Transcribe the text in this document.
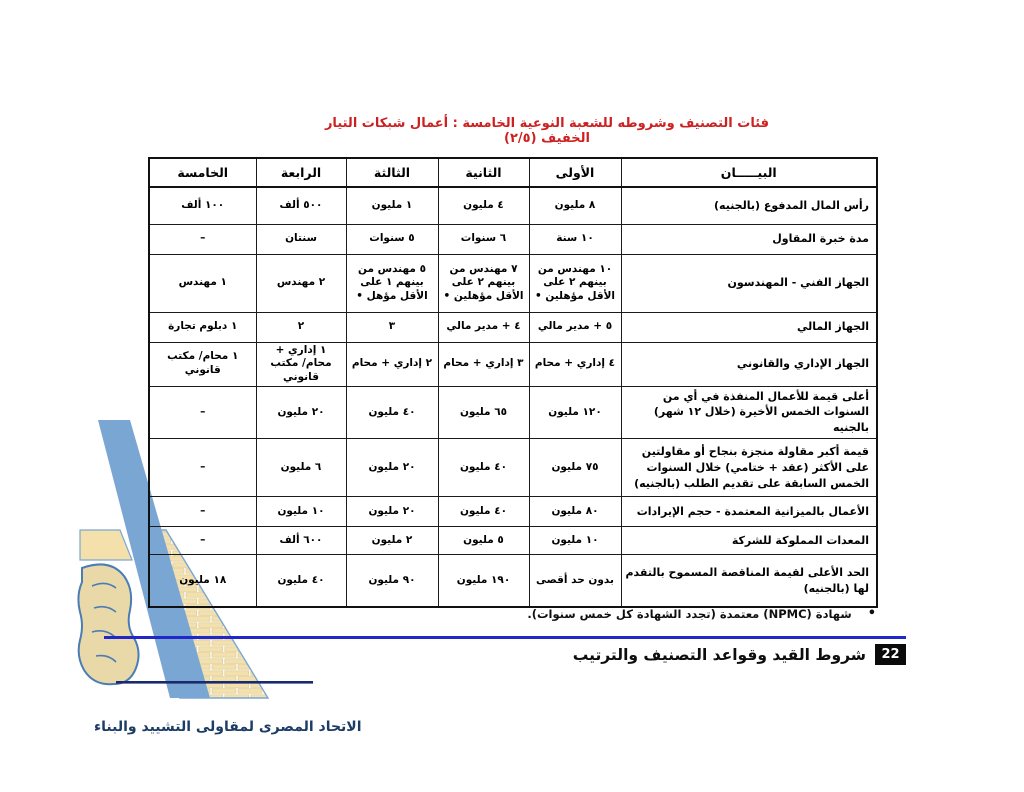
فئات التصنيف وشروطه للشعبة النوعية الخامسة : أعمال شبكات التيار الخفيف (٢/٥)
البيـــــان	الأولى	الثانية	الثالثة	الرابعة	الخامسة
رأس المال المدفوع (بالجنيه)	٨ مليون	٤ مليون	١ مليون	٥٠٠ ألف	١٠٠ ألف
مدة خبرة المقاول	١٠ سنة	٦ سنوات	٥ سنوات	سنتان	–
الجهاز الفني - المهندسون	١٠ مهندس من بينهم ٢ على الأقل مؤهلين •	٧ مهندس من بينهم ٢ على الأقل مؤهلين •	٥ مهندس من بينهم ١ على الأقل مؤهل •	٢ مهندس	١ مهندس
الجهاز المالي	٥ + مدير مالي	٤ + مدير مالي	٣	٢	١ دبلوم تجارة
الجهاز الإداري والقانوني	٤ إداري + محام	٣ إداري + محام	٢ إداري + محام	١ إداري + محام/ مكتب قانوني	١ محام/ مكتب قانوني
أعلى قيمة للأعمال المنفذة في أي من السنوات الخمس الأخيرة (خلال ١٢ شهر) بالجنيه	١٢٠ مليون	٦٥ مليون	٤٠ مليون	٢٠ مليون	–
قيمة أكبر مقاولة منجزة بنجاح أو مقاولتين على الأكثر (عقد + ختامي) خلال السنوات الخمس السابقة على تقديم الطلب (بالجنيه)	٧٥ مليون	٤٠ مليون	٢٠ مليون	٦ مليون	–
الأعمال بالميزانية المعتمدة - حجم الإيرادات	٨٠ مليون	٤٠ مليون	٢٠ مليون	١٠ مليون	–
المعدات المملوكة للشركة	١٠ مليون	٥ مليون	٢ مليون	٦٠٠ ألف	–
الحد الأعلى لقيمة المناقصة المسموح بالتقدم لها (بالجنيه)	بدون حد أقصى	١٩٠ مليون	٩٠ مليون	٤٠ مليون	١٨ مليون
•
شهادة (NPMC) معتمدة (تجدد الشهادة كل خمس سنوات).
22
شروط القيد وقواعد التصنيف والترتيب
الاتحاد المصرى لمقاولى التشييد والبناء
